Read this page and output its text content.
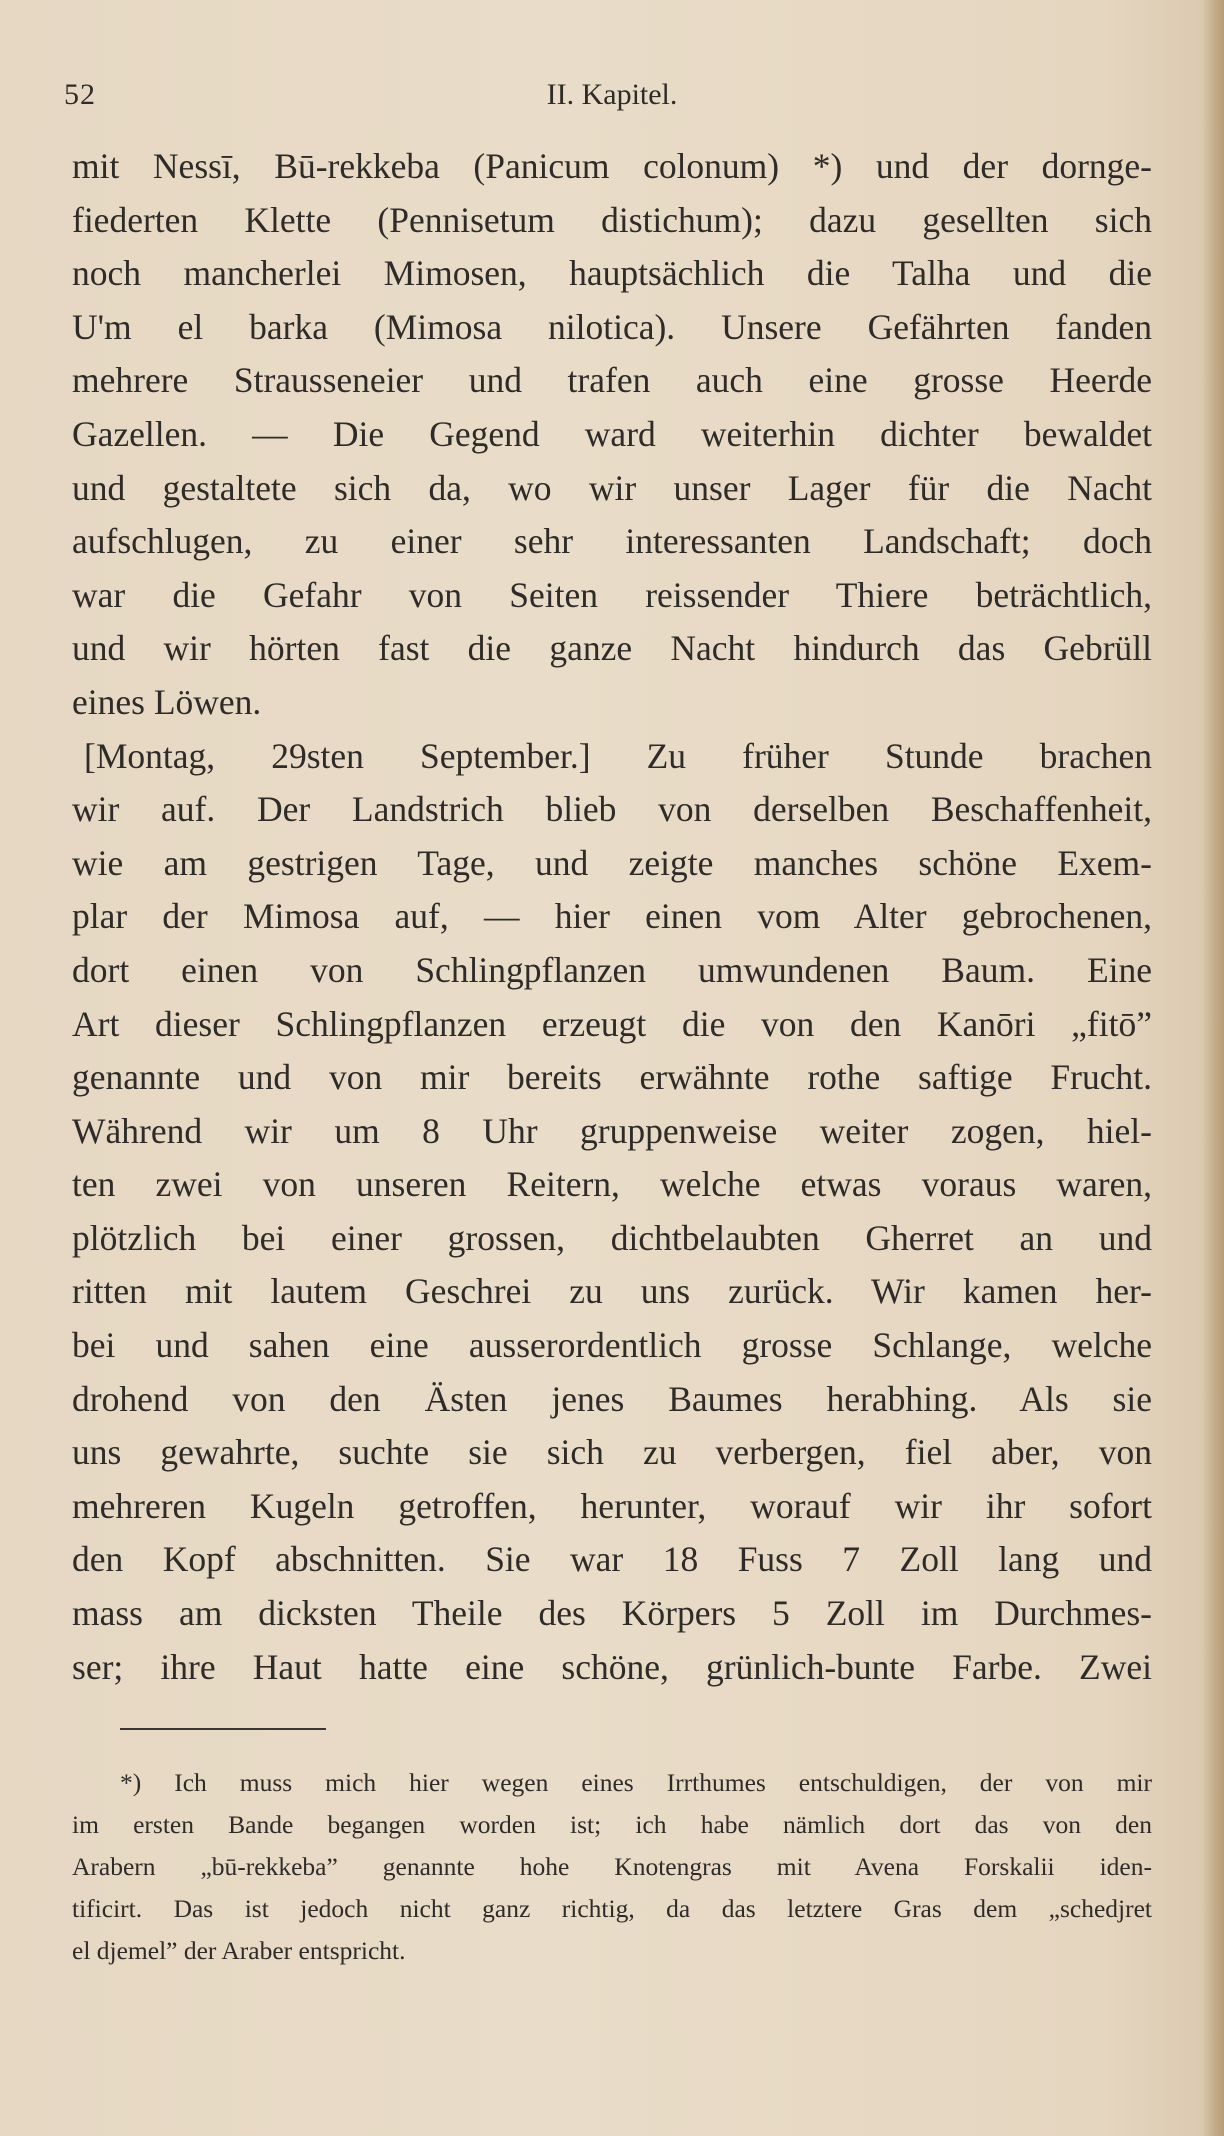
52	II. Kapitel.
mit Nessī, Bū-rekkeba (Panicum colonum) *) und der dornge-
fiederten Klette (Pennisetum distichum); dazu gesellten sich
noch mancherlei Mimosen, hauptsächlich die Talha und die
U'm el barka (Mimosa nilotica). Unsere Gefährten fanden
mehrere Strausseneier und trafen auch eine grosse Heerde
Gazellen. — Die Gegend ward weiterhin dichter bewaldet
und gestaltete sich da, wo wir unser Lager für die Nacht
aufschlugen, zu einer sehr interessanten Landschaft; doch
war die Gefahr von Seiten reissender Thiere beträchtlich,
und wir hörten fast die ganze Nacht hindurch das Gebrüll
eines Löwen.
[Montag, 29sten September.] Zu früher Stunde brachen
wir auf. Der Landstrich blieb von derselben Beschaffenheit,
wie am gestrigen Tage, und zeigte manches schöne Exem-
plar der Mimosa auf, — hier einen vom Alter gebrochenen,
dort einen von Schlingpflanzen umwundenen Baum. Eine
Art dieser Schlingpflanzen erzeugt die von den Kanōri „fitō”
genannte und von mir bereits erwähnte rothe saftige Frucht.
Während wir um 8 Uhr gruppenweise weiter zogen, hiel-
ten zwei von unseren Reitern, welche etwas voraus waren,
plötzlich bei einer grossen, dichtbelaubten Gherret an und
ritten mit lautem Geschrei zu uns zurück. Wir kamen her-
bei und sahen eine ausserordentlich grosse Schlange, welche
drohend von den Ästen jenes Baumes herabhing. Als sie
uns gewahrte, suchte sie sich zu verbergen, fiel aber, von
mehreren Kugeln getroffen, herunter, worauf wir ihr sofort
den Kopf abschnitten. Sie war 18 Fuss 7 Zoll lang und
mass am dicksten Theile des Körpers 5 Zoll im Durchmes-
ser; ihre Haut hatte eine schöne, grünlich-bunte Farbe. Zwei
*) Ich muss mich hier wegen eines Irrthumes entschuldigen, der von mir
im ersten Bande begangen worden ist; ich habe nämlich dort das von den
Arabern „bū-rekkeba” genannte hohe Knotengras mit Avena Forskalii iden-
tificirt. Das ist jedoch nicht ganz richtig, da das letztere Gras dem „schedjret
el djemel” der Araber entspricht.
